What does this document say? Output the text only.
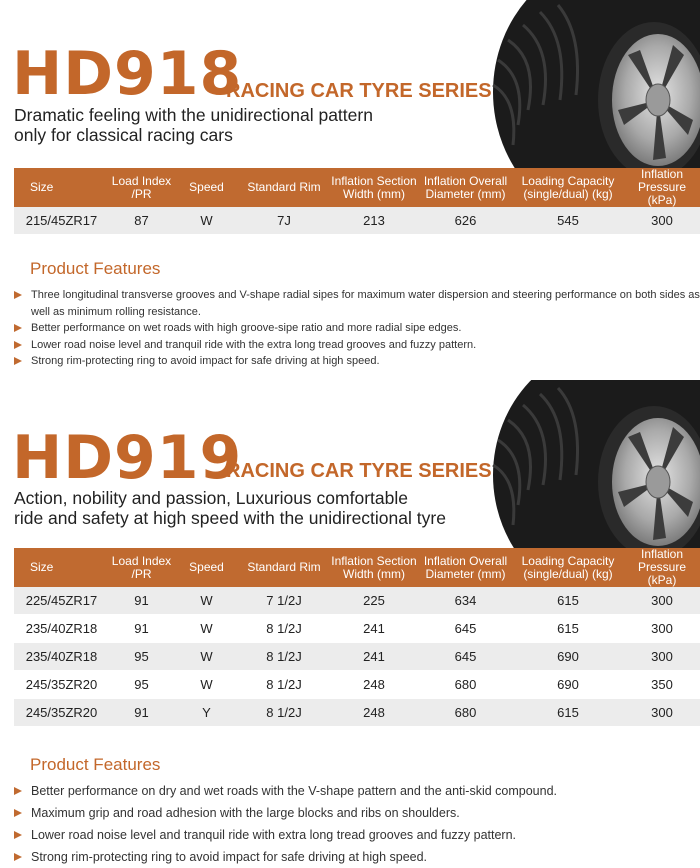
HD918
RACING CAR TYRE SERIES
Dramatic feeling with the unidirectional pattern
only for classical racing cars
Size	Load Index /PR	Speed	Standard Rim	Inflation Section Width (mm)	Inflation Overall Diameter (mm)	Loading Capacity (single/dual) (kg)	Inflation Pressure (kPa)
215/45ZR17	87	W	7J	213	626	545	300
Product Features
Three longitudinal transverse grooves and V-shape radial sipes for maximum water dispersion and steering performance on both sides as well as minimum rolling resistance.
Better performance on wet roads with high groove-sipe ratio and more radial sipe edges.
Lower road noise level and tranquil ride with the extra long tread grooves and fuzzy pattern.
Strong rim-protecting ring to avoid impact for safe driving at high speed.
HD919
RACING CAR TYRE SERIES
Action, nobility and passion, Luxurious comfortable
ride and safety at high speed with the unidirectional tyre
Size	Load Index /PR	Speed	Standard Rim	Inflation Section Width (mm)	Inflation Overall Diameter (mm)	Loading Capacity (single/dual) (kg)	Inflation Pressure (kPa)
225/45ZR17	91	W	7 1/2J	225	634	615	300
235/40ZR18	91	W	8 1/2J	241	645	615	300
235/40ZR18	95	W	8 1/2J	241	645	690	300
245/35ZR20	95	W	8 1/2J	248	680	690	350
245/35ZR20	91	Y	8 1/2J	248	680	615	300
Product Features
Better performance on dry and wet roads with the V-shape pattern and the anti-skid compound.
Maximum grip and road adhesion with the large blocks and ribs on shoulders.
Lower road noise level and tranquil ride with extra long tread grooves and fuzzy pattern.
Strong rim-protecting ring to avoid impact for safe driving at high speed.
